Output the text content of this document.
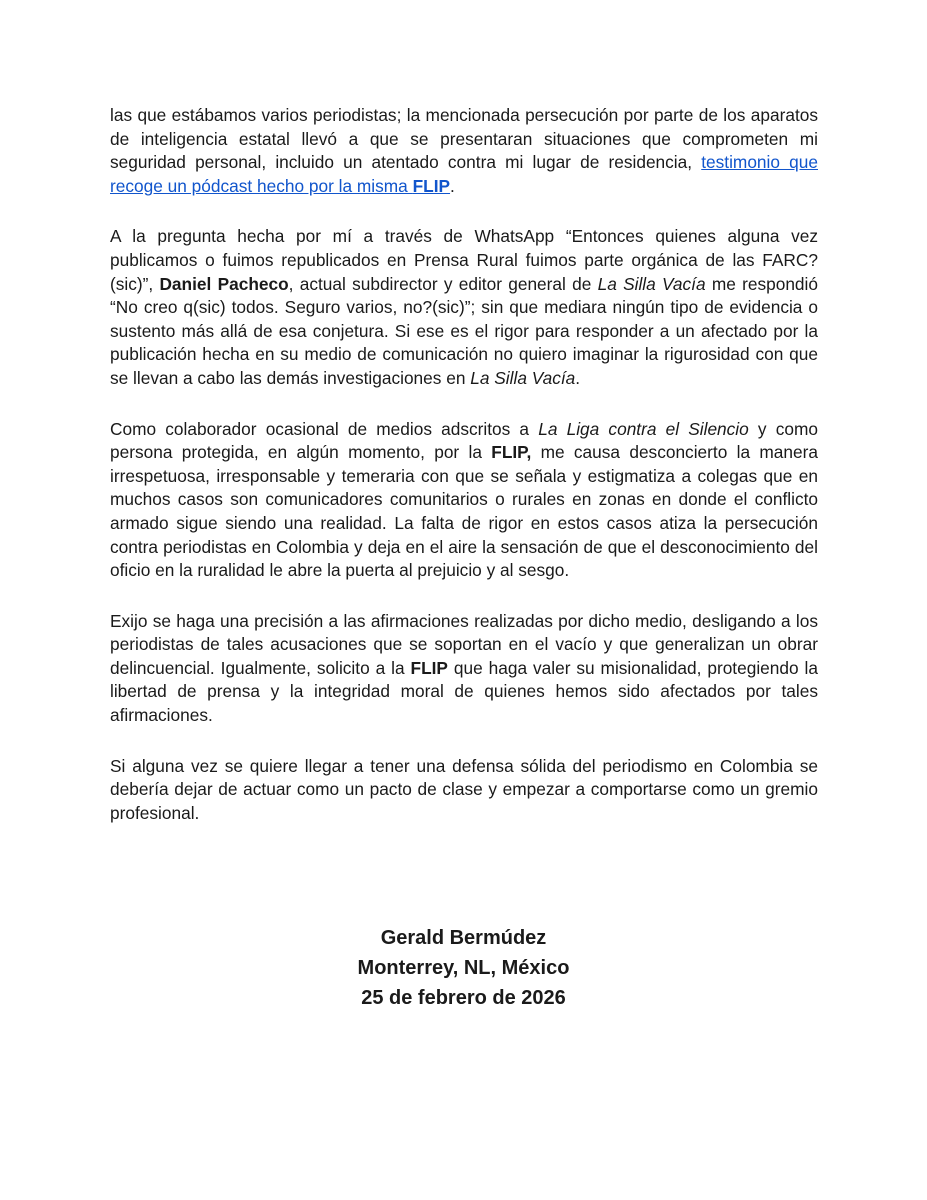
las que estábamos varios periodistas; la mencionada persecución por parte de los aparatos de inteligencia estatal llevó a que se presentaran situaciones que comprometen mi seguridad personal, incluido un atentado contra mi lugar de residencia, testimonio que recoge un pódcast hecho por la misma FLIP.

A la pregunta hecha por mí a través de WhatsApp “Entonces quienes alguna vez publicamos o fuimos republicados en Prensa Rural fuimos parte orgánica de las FARC?(sic)”, Daniel Pacheco, actual subdirector y editor general de La Silla Vacía me respondió “No creo q(sic) todos. Seguro varios, no?(sic)”; sin que mediara ningún tipo de evidencia o sustento más allá de esa conjetura. Si ese es el rigor para responder a un afectado por la publicación hecha en su medio de comunicación no quiero imaginar la rigurosidad con que se llevan a cabo las demás investigaciones en La Silla Vacía.

Como colaborador ocasional de medios adscritos a La Liga contra el Silencio y como persona protegida, en algún momento, por la FLIP, me causa desconcierto la manera irrespetuosa, irresponsable y temeraria con que se señala y estigmatiza a colegas que en muchos casos son comunicadores comunitarios o rurales en zonas en donde el conflicto armado sigue siendo una realidad. La falta de rigor en estos casos atiza la persecución contra periodistas en Colombia y deja en el aire la sensación de que el desconocimiento del oficio en la ruralidad le abre la puerta al prejuicio y al sesgo.

Exijo se haga una precisión a las afirmaciones realizadas por dicho medio, desligando a los periodistas de tales acusaciones que se soportan en el vacío y que generalizan un obrar delincuencial. Igualmente, solicito a la FLIP que haga valer su misionalidad, protegiendo la libertad de prensa y la integridad moral de quienes hemos sido afectados por tales afirmaciones.

Si alguna vez se quiere llegar a tener una defensa sólida del periodismo en Colombia se debería dejar de actuar como un pacto de clase y empezar a comportarse como un gremio profesional.

Gerald Bermúdez

Monterrey, NL, México

25 de febrero de 2026
